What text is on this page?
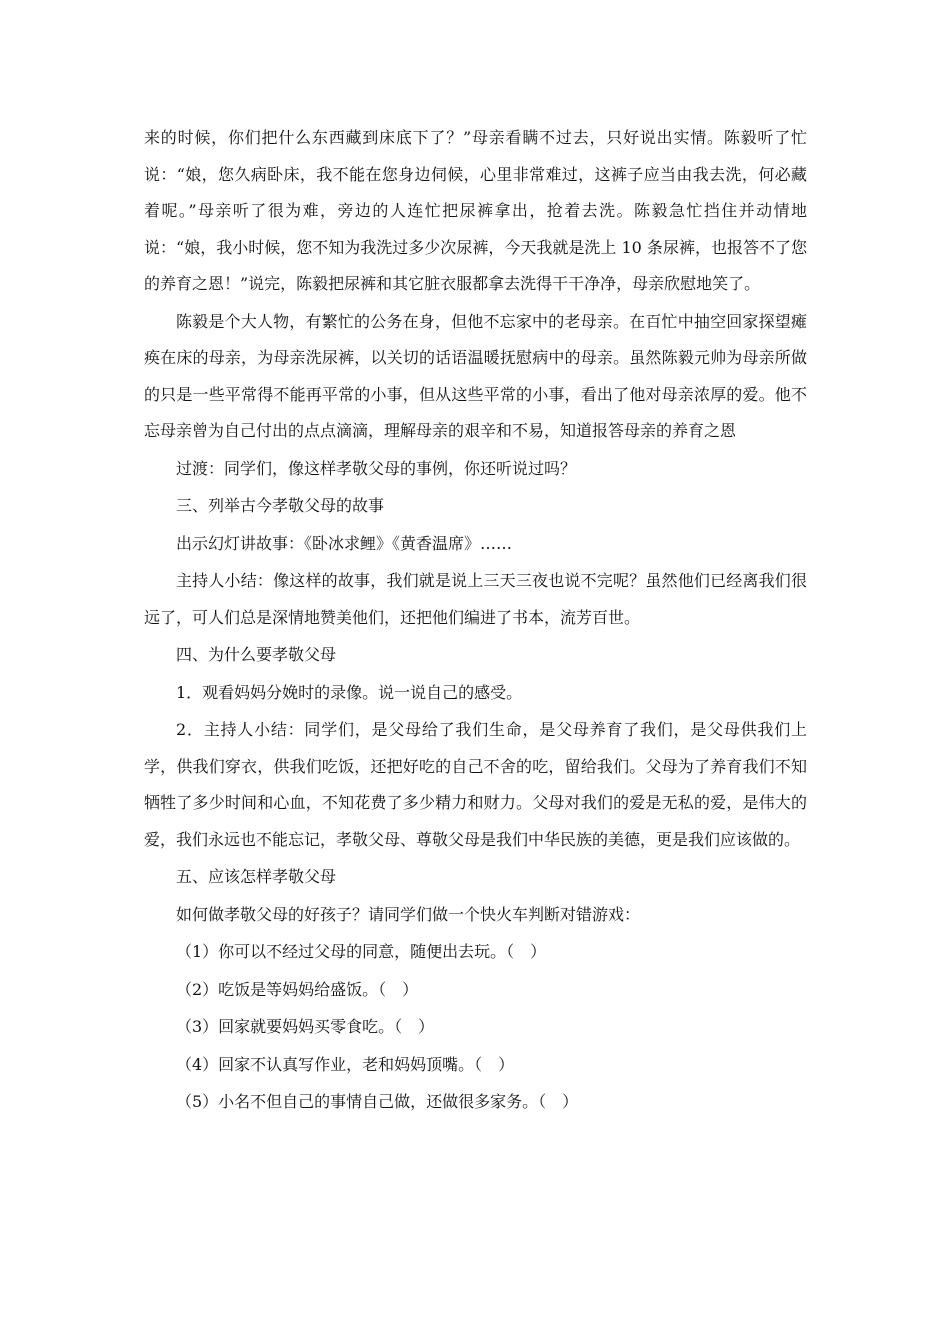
来的时候，你们把什么东西藏到床底下了？”母亲看瞒不过去，只好说出实情。陈毅听了忙说：“娘，您久病卧床，我不能在您身边伺候，心里非常难过，这裤子应当由我去洗，何必藏着呢。”母亲听了很为难，旁边的人连忙把尿裤拿出，抢着去洗。陈毅急忙挡住并动情地说：“娘，我小时候，您不知为我洗过多少次尿裤，今天我就是洗上 10 条尿裤，也报答不了您的养育之恩！”说完，陈毅把尿裤和其它脏衣服都拿去洗得干干净净，母亲欣慰地笑了。

陈毅是个大人物，有繁忙的公务在身，但他不忘家中的老母亲。在百忙中抽空回家探望瘫痪在床的母亲，为母亲洗尿裤，以关切的话语温暖抚慰病中的母亲。虽然陈毅元帅为母亲所做的只是一些平常得不能再平常的小事，但从这些平常的小事，看出了他对母亲浓厚的爱。他不忘母亲曾为自己付出的点点滴滴，理解母亲的艰辛和不易，知道报答母亲的养育之恩

过渡：同学们，像这样孝敬父母的事例，你还听说过吗？

三、列举古今孝敬父母的故事

出示幻灯讲故事：《卧冰求鲤》《黄香温席》……

主持人小结：像这样的故事，我们就是说上三天三夜也说不完呢？虽然他们已经离我们很远了，可人们总是深情地赞美他们，还把他们编进了书本，流芳百世。

四、为什么要孝敬父母

1．观看妈妈分娩时的录像。说一说自己的感受。

2．主持人小结：同学们，是父母给了我们生命，是父母养育了我们，是父母供我们上学，供我们穿衣，供我们吃饭，还把好吃的自己不舍的吃，留给我们。父母为了养育我们不知牺牲了多少时间和心血，不知花费了多少精力和财力。父母对我们的爱是无私的爱，是伟大的爱，我们永远也不能忘记，孝敬父母、尊敬父母是我们中华民族的美德，更是我们应该做的。

五、应该怎样孝敬父母

如何做孝敬父母的好孩子？请同学们做一个快火车判断对错游戏：

（1）你可以不经过父母的同意，随便出去玩。（　）

（2）吃饭是等妈妈给盛饭。（　）

（3）回家就要妈妈买零食吃。（　）

（4）回家不认真写作业，老和妈妈顶嘴。（　）

（5）小名不但自己的事情自己做，还做很多家务。（　）
